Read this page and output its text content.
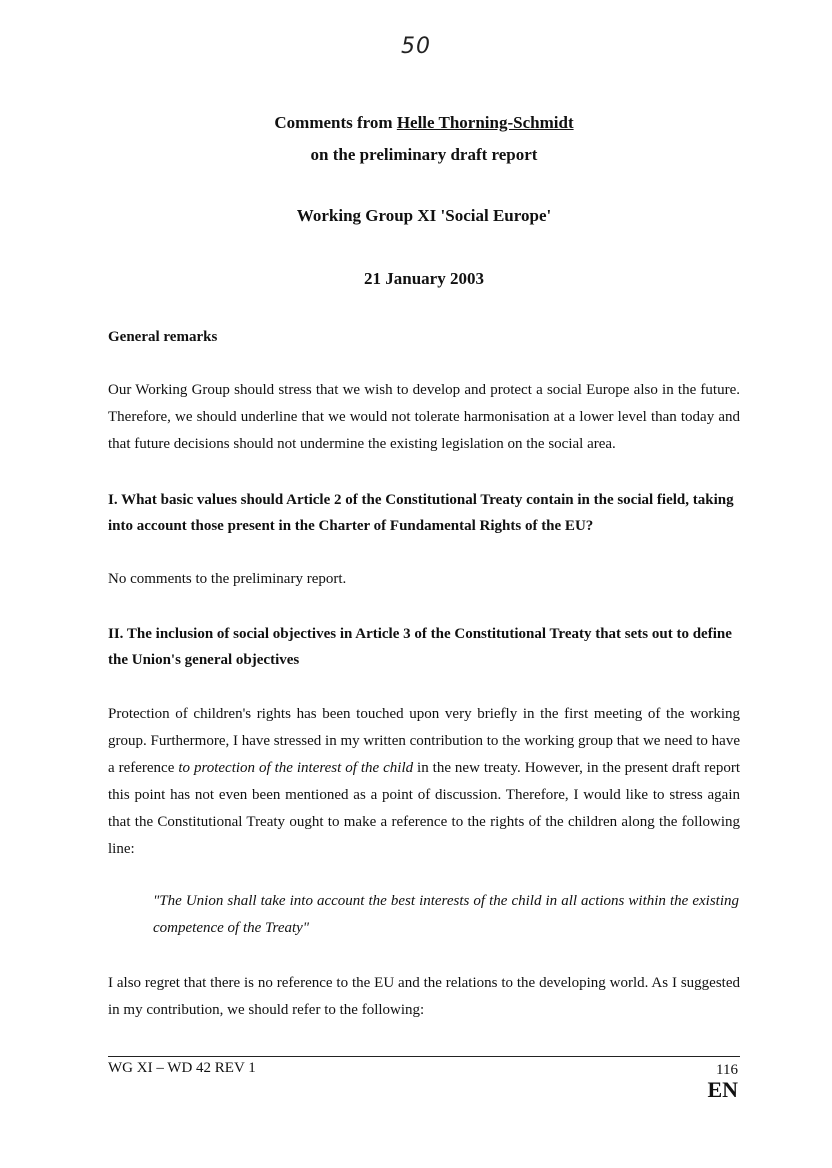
50
Comments from Helle Thorning-Schmidt
on the preliminary draft report
Working Group XI 'Social Europe'
21 January 2003
General remarks
Our Working Group should stress that we wish to develop and protect a social Europe also in the future. Therefore, we should underline that we would not tolerate harmonisation at a lower level than today and that future decisions should not undermine the existing legislation on the social area.
I. What basic values should Article 2 of the Constitutional Treaty contain in the social field, taking into account those present in the Charter of Fundamental Rights of the EU?
No comments to the preliminary report.
II. The inclusion of social objectives in Article 3 of the Constitutional Treaty that sets out to define the Union's general objectives
Protection of children's rights has been touched upon very briefly in the first meeting of the working group. Furthermore, I have stressed in my written contribution to the working group that we need to have a reference to protection of the interest of the child in the new treaty. However, in the present draft report this point has not even been mentioned as a point of discussion. Therefore, I would like to stress again that the Constitutional Treaty ought to make a reference to the rights of the children along the following line:
"The Union shall take into account the best interests of the child in all actions within the existing competence of the Treaty"
I also regret that there is no reference to the EU and the relations to the developing world. As I suggested in my contribution, we should refer to the following:
WG XI – WD 42 REV 1	116
EN
